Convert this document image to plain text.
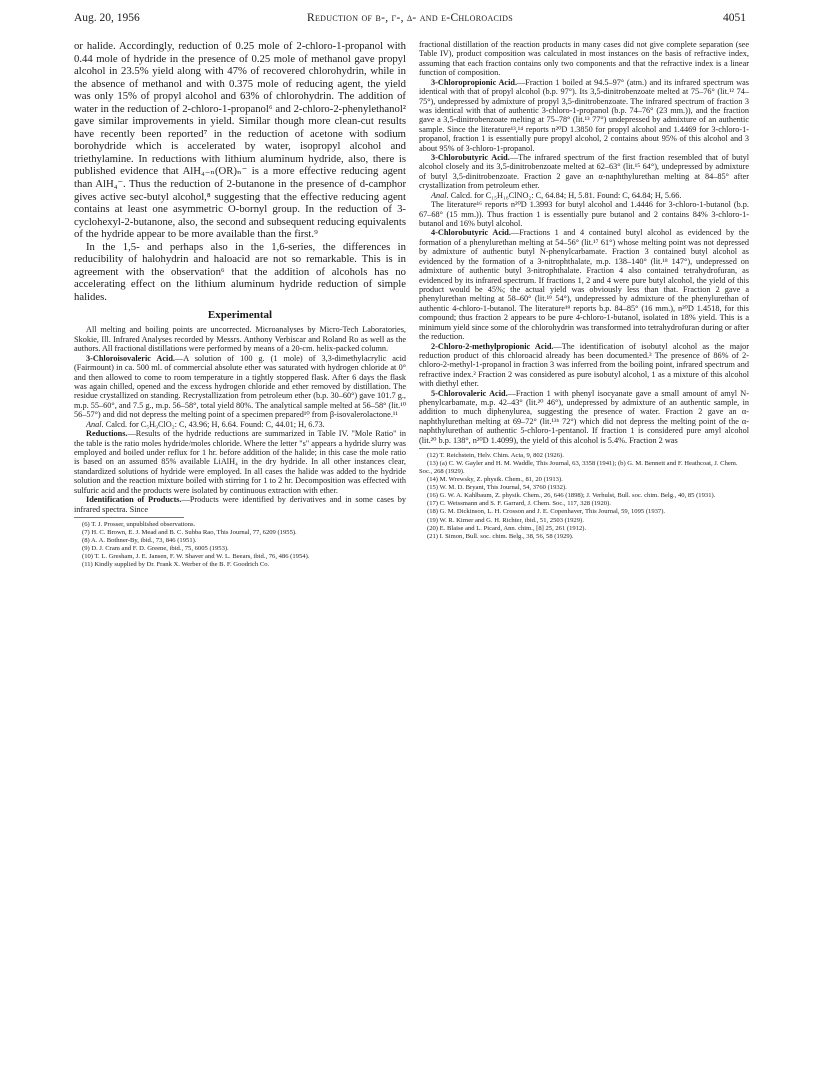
Aug. 20, 1956	Reduction of β-, γ-, δ- and ε-Chloroacids	4051

or halide. Accordingly, reduction of 0.25 mole of 2-chloro-1-propanol with 0.44 mole of hydride in the presence of 0.25 mole of methanol gave propyl alcohol in 23.5% yield along with 47% of recovered chlorohydrin, while in the absence of methanol and with 0.375 mole of reducing agent, the yield was only 15% of propyl alcohol and 63% of chlorohydrin. The addition of water in the reduction of 2-chloro-1-propanol⁶ and 2-chloro-2-phenylethanol² gave similar improvements in yield. Similar though more clean-cut results have recently been reported⁷ in the reduction of acetone with sodium borohydride which is accelerated by water, isopropyl alcohol and triethylamine. In reductions with lithium aluminum hydride, also, there is published evidence that AlH₄₋ₙ(OR)ₙ⁻ is a more effective reducing agent than AlH₄⁻. Thus the reduction of 2-butanone in the presence of d-camphor gives active sec-butyl alcohol,⁸ suggesting that the effective reducing agent contains at least one asymmetric O-bornyl group. In the reduction of 3-cyclohexyl-2-butanone, also, the second and subsequent reducing equivalents of the hydride appear to be more available than the first.⁹

In the 1,5- and perhaps also in the 1,6-series, the differences in reducibility of halohydrin and haloacid are not so remarkable. This is in agreement with the observation⁶ that the addition of alcohols has no accelerating effect on the lithium aluminum hydride reduction of simple halides.

Experimental

All melting and boiling points are uncorrected. Microanalyses by Micro-Tech Laboratories, Skokie, Ill. Infrared Analyses recorded by Messrs. Anthony Verbiscar and Roland Ro as well as the authors. All fractional distillations were performed by means of a 20-cm. helix-packed column.

3-Chloroisovaleric Acid.—A solution of 100 g. (1 mole) of 3,3-dimethylacrylic acid (Fairmount) in ca. 500 ml. of commercial absolute ether was saturated with hydrogen chloride at 0° and then allowed to come to room temperature in a tightly stoppered flask. After 6 days the flask was again chilled, opened and the excess hydrogen chloride and ether removed by distillation. The residue crystallized on standing. Recrystallization from petroleum ether (b.p. 30–60°) gave 101.7 g., m.p. 55–60°, and 7.5 g., m.p. 56–58°, total yield 80%. The analytical sample melted at 56–58° (lit.¹⁰ 56–57°) and did not depress the melting point of a specimen prepared¹⁰ from β-isovalerolactone.¹¹

Anal. Calcd. for C₅H₉ClO₂: C, 43.96; H, 6.64. Found: C, 44.01; H, 6.73.

Reductions.—Results of the hydride reductions are summarized in Table IV. "Mole Ratio" in the table is the ratio moles hydride/moles chloride. Where the letter "s" appears a hydride slurry was employed and boiled under reflux for 1 hr. before addition of the halide; in this case the mole ratio is based on an assumed 85% available LiAlH₄ in the dry hydride. In all other instances clear, standardized solutions of hydride were employed. In all cases the halide was added to the hydride solution and the reaction mixture boiled with stirring for 1 to 2 hr. Decomposition was effected with sulfuric acid and the products were isolated by continuous extraction with ether.

Identification of Products.—Products were identified by derivatives and in some cases by infrared spectra. Since

(6) T. J. Prosser, unpublished observations.

(7) H. C. Brown, E. J. Mead and B. C. Subba Rao, This Journal, 77, 6209 (1955).

(8) A. A. Bothner-By, ibid., 73, 846 (1951).

(9) D. J. Cram and F. D. Greene, ibid., 75, 6005 (1953).

(10) T. L. Gresham, J. E. Jansen, F. W. Shaver and W. L. Beears, ibid., 76, 486 (1954).

(11) Kindly supplied by Dr. Frank X. Werber of the B. F. Goodrich Co.

fractional distillation of the reaction products in many cases did not give complete separation (see Table IV), product composition was calculated in most instances on the basis of refractive index, assuming that each fraction contains only two components and that the refractive index is a linear function of composition.

3-Chloropropionic Acid.—Fraction 1 boiled at 94.5–97° (atm.) and its infrared spectrum was identical with that of propyl alcohol (b.p. 97°). Its 3,5-dinitrobenzoate melted at 75–76° (lit.¹² 74–75°), undepressed by admixture of propyl 3,5-dinitrobenzoate. The infrared spectrum of fraction 3 was identical with that of authentic 3-chloro-1-propanol (b.p. 74–76° (23 mm.)), and the fraction gave a 3,5-dinitrobenzoate melting at 75–78° (lit.¹³ 77°) undepressed by admixture of an authentic sample. Since the literature¹³,¹⁴ reports n²⁰D 1.3850 for propyl alcohol and 1.4469 for 3-chloro-1-propanol, fraction 1 is essentially pure propyl alcohol, 2 contains about 95% of this alcohol and 3 about 95% of 3-chloro-1-propanol.

3-Chlorobutyric Acid.—The infrared spectrum of the first fraction resembled that of butyl alcohol closely and its 3,5-dinitrobenzoate melted at 62–63° (lit.¹⁵ 64°), undepressed by admixture of butyl 3,5-dinitrobenzoate. Fraction 2 gave an α-naphthylurethan melting at 84–85° after crystallization from petroleum ether.

Anal. Calcd. for C₁₅H₁₆ClNO₂: C, 64.84; H, 5.81. Found: C, 64.84; H, 5.66.

The literature¹⁶ reports n²⁰D 1.3993 for butyl alcohol and 1.4446 for 3-chloro-1-butanol (b.p. 67–68° (15 mm.)). Thus fraction 1 is essentially pure butanol and 2 contains 84% 3-chloro-1-butanol and 16% butyl alcohol.

4-Chlorobutyric Acid.—Fractions 1 and 4 contained butyl alcohol as evidenced by the formation of a phenylurethan melting at 54–56° (lit.¹⁷ 61°) whose melting point was not depressed by admixture of authentic butyl N-phenylcarbamate. Fraction 3 contained butyl alcohol as evidenced by the formation of a 3-nitrophthalate, m.p. 138–140° (lit.¹⁸ 147°), undepressed on admixture of authentic butyl 3-nitrophthalate. Fraction 4 also contained tetrahydrofuran, as evidenced by its infrared spectrum. If fractions 1, 2 and 4 were pure butyl alcohol, the yield of this product would be 45%; the actual yield was obviously less than that. Fraction 2 gave a phenylurethan melting at 58–60° (lit.¹⁹ 54°), undepressed by admixture of the phenylurethan of authentic 4-chloro-1-butanol. The literature¹⁹ reports b.p. 84–85° (16 mm.), n²⁰D 1.4518, for this compound; thus fraction 2 appears to be pure 4-chloro-1-butanol, isolated in 18% yield. This is a minimum yield since some of the chlorohydrin was transformed into tetrahydrofuran during or after the reduction.

2-Chloro-2-methylpropionic Acid.—The identification of isobutyl alcohol as the major reduction product of this chloroacid already has been documented.³ The presence of 86% of 2-chloro-2-methyl-1-propanol in fraction 3 was inferred from the boiling point, infrared spectrum and refractive index.² Fraction 2 was considered as pure isobutyl alcohol, 1 as a mixture of this alcohol with diethyl ether.

5-Chlorovaleric Acid.—Fraction 1 with phenyl isocyanate gave a small amount of amyl N-phenylcarbamate, m.p. 42–43° (lit.²⁰ 46°), undepressed by admixture of an authentic sample, in addition to much diphenylurea, suggesting the presence of water. Fraction 2 gave an α-naphthylurethan melting at 69–72° (lit.¹³ᵇ 72°) which did not depress the melting point of the α-naphthylurethan of authentic 5-chloro-1-pentanol. If fraction 1 is considered pure amyl alcohol (lit.²⁰ b.p. 138°, n²⁰D 1.4099), the yield of this alcohol is 5.4%. Fraction 2 was

(12) T. Reichstein, Helv. Chim. Acta, 9, 802 (1926).

(13) (a) C. W. Gayler and H. M. Waddle, This Journal, 63, 3358 (1941); (b) G. M. Bennett and F. Heathcoat, J. Chem. Soc., 268 (1929).

(14) M. Wrewsky, Z. physik. Chem., 81, 20 (1913).

(15) W. M. D. Bryant, This Journal, 54, 3760 (1932).

(16) G. W. A. Kahlbaum, Z. physik. Chem., 26, 646 (1898); J. Verhulst, Bull. soc. chim. Belg., 40, 85 (1931).

(17) C. Weissmann and S. F. Garrard, J. Chem. Soc., 117, 328 (1920).

(18) G. M. Dickinson, L. H. Crosson and J. E. Copenhaver, This Journal, 59, 1095 (1937).

(19) W. R. Kirner and G. H. Richter, ibid., 51, 2503 (1929).

(20) E. Blaise and L. Picard, Ann. chim., [8] 25, 261 (1912).

(21) I. Simon, Bull. soc. chim. Belg., 38, 56, 58 (1929).
